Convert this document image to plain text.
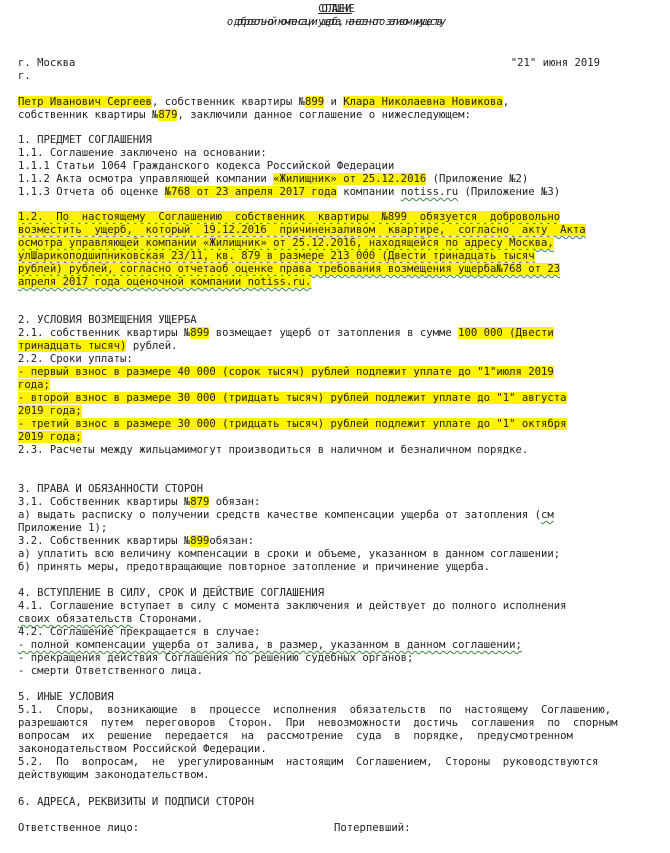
СОГЛАШЕНИЕ
о добровольной компенсации ущерба, нанесенного заливом имуществу
г. Москва	"21" июня 2019
г.
Петр Иванович Сергеев, собственник квартиры №899 и Клара Николаевна Новикова,
собственник квартиры №879, заключили данное соглашение о нижеследующем:
1. ПРЕДМЕТ СОГЛАШЕНИЯ
1.1. Соглашение заключено на основании:
1.1.1 Статьи 1064 Гражданского кодекса Российской Федерации
1.1.2 Акта осмотра управляющей компании «Жилищник» от 25.12.2016 (Приложение №2)
1.1.3 Отчета об оценке №768 от 23 апреля 2017 года компании notiss.ru (Приложение №3)
1.2.  По  настоящему  Соглашению  собственник  квартиры  №899  обязуется  добровольно
возместить  ущерб,  который  19.12.2016  причинензаливом  квартире,  согласно  акту  Акта
осмотра управляющей компании «Жилищник» от 25.12.2016, находящейся по адресу Москва,
улШарикоподшипниковская 23/11, кв. 879 в размере 213 000 (Двести тринадцать тысяч
рублей) рублей, согласно отчетаоб оценке права требования возмещения ущерба№768 от 23
апреля 2017 года оценочной компании notiss.ru.
2. УСЛОВИЯ ВОЗМЕЩЕНИЯ УЩЕРБА
2.1. собственник квартиры №899 возмещает ущерб от затопления в сумме 100 000 (Двести
тринадцать тысяч) рублей.
2.2. Сроки уплаты:
- первый взнос в размере 40 000 (сорок тысяч) рублей подлежит уплате до "1"июля 2019
года;
- второй взнос в размере 30 000 (тридцать тысяч) рублей подлежит уплате до "1" августа
2019 года;
- третий взнос в размере 30 000 (тридцать тысяч) рублей подлежит уплате до "1" октября
2019 года;
2.3. Расчеты между жильцамимогут производиться в наличном и безналичном порядке.
3. ПРАВА И ОБЯЗАННОСТИ СТОРОН
3.1. Собственник квартиры №879 обязан:
а) выдать расписку о получении средств качестве компенсации ущерба от затопления (см
Приложение 1);
3.2. Собственник квартиры №899обязан:
а) уплатить всю величину компенсации в сроки и объеме, указанном в данном соглашении;
б) принять меры, предотвращающие повторное затопление и причинение ущерба.
4. ВСТУПЛЕНИЕ В СИЛУ, СРОК И ДЕЙСТВИЕ СОГЛАШЕНИЯ
4.1. Соглашение вступает в силу с момента заключения и действует до полного исполнения
своих обязательств Сторонами.
4.2. Соглашение прекращается в случае:
- полной компенсации ущерба от залива, в размер, указанном в данном соглашении;
- прекращения действия Соглашения по решению судебных органов;
- смерти Ответственного лица.
5. ИНЫЕ УСЛОВИЯ
5.1.  Споры,  возникающие  в  процессе  исполнения  обязательств  по  настоящему  Соглашению,
разрешаются  путем  переговоров  Сторон.  При  невозможности  достичь  соглашения  по  спорным
вопросам  их  решение  передается  на  рассмотрение  суда  в  порядке,  предусмотренном
законодательством Российской Федерации.
5.2.  По  вопросам,  не  урегулированным  настоящим  Соглашением,  Стороны  руководствуются
действующим законодательством.
6. АДРЕСА, РЕКВИЗИТЫ И ПОДПИСИ СТОРОН
Ответственное лицо:	Потерпевший:
